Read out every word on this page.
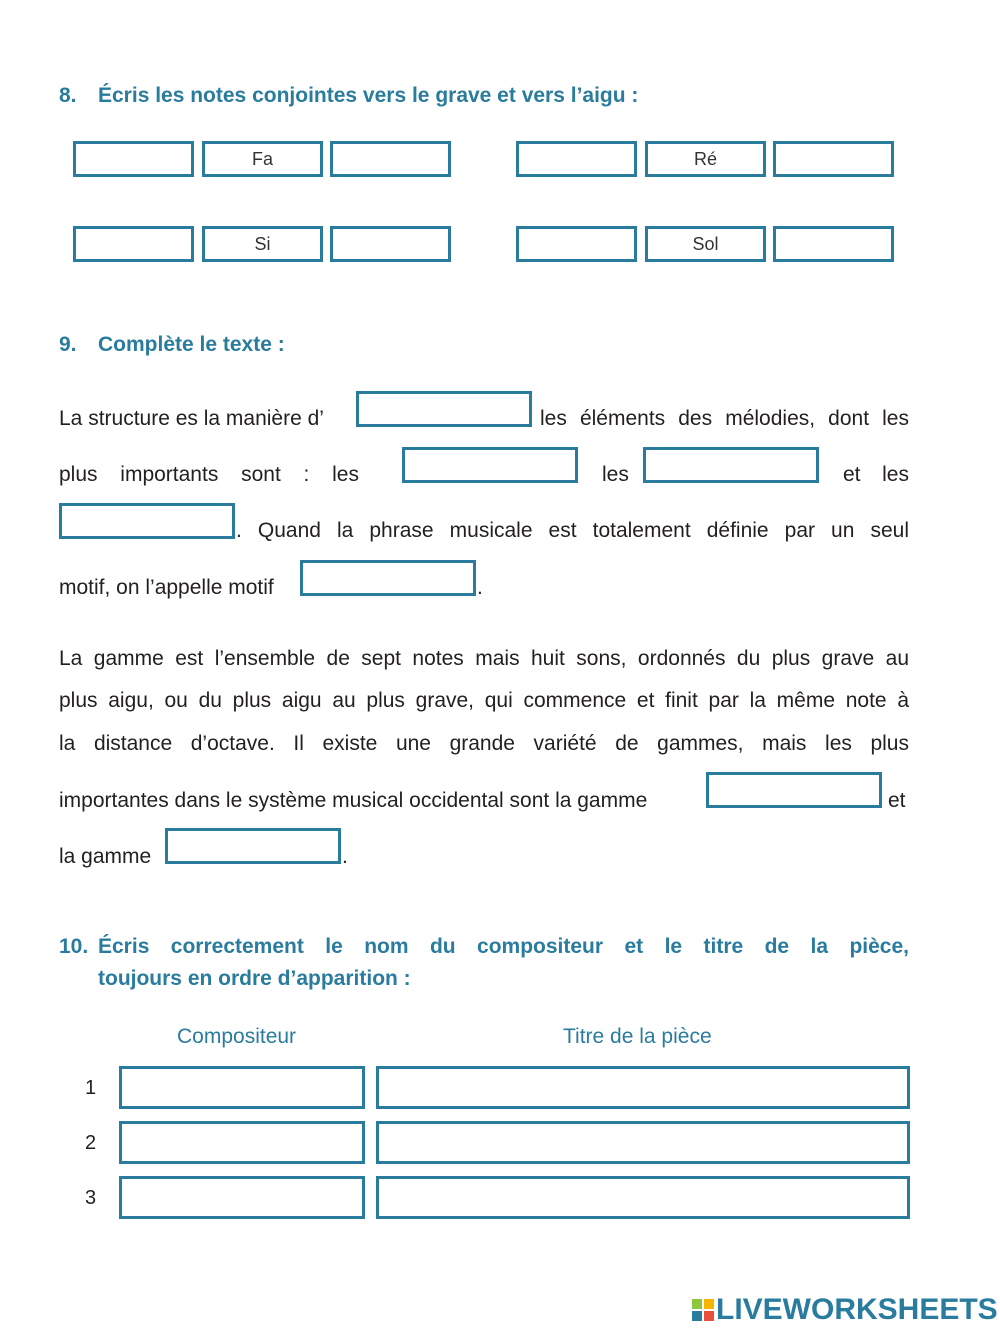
8. Écris les notes conjointes vers le grave et vers l’aigu :
Fa	Ré
Si	Sol
9. Complète le texte :
La structure es la manière d’	les éléments des mélodies, dont les
plus importants sont : les	les	et les
. Quand la phrase musicale est totalement définie par un seul
motif, on l’appelle motif	.
La gamme est l’ensemble de sept notes mais huit sons, ordonnés du plus grave au
plus aigu, ou du plus aigu au plus grave, qui commence et finit par la même note à
la distance d’octave. Il existe une grande variété de gammes, mais les plus
importantes dans le système musical occidental sont la gamme	et
la gamme	.
10. Écris correctement le nom du compositeur et le titre de la pièce,
toujours en ordre d’apparition :
Compositeur	Titre de la pièce
1
2
3
LIVEWORKSHEETS
